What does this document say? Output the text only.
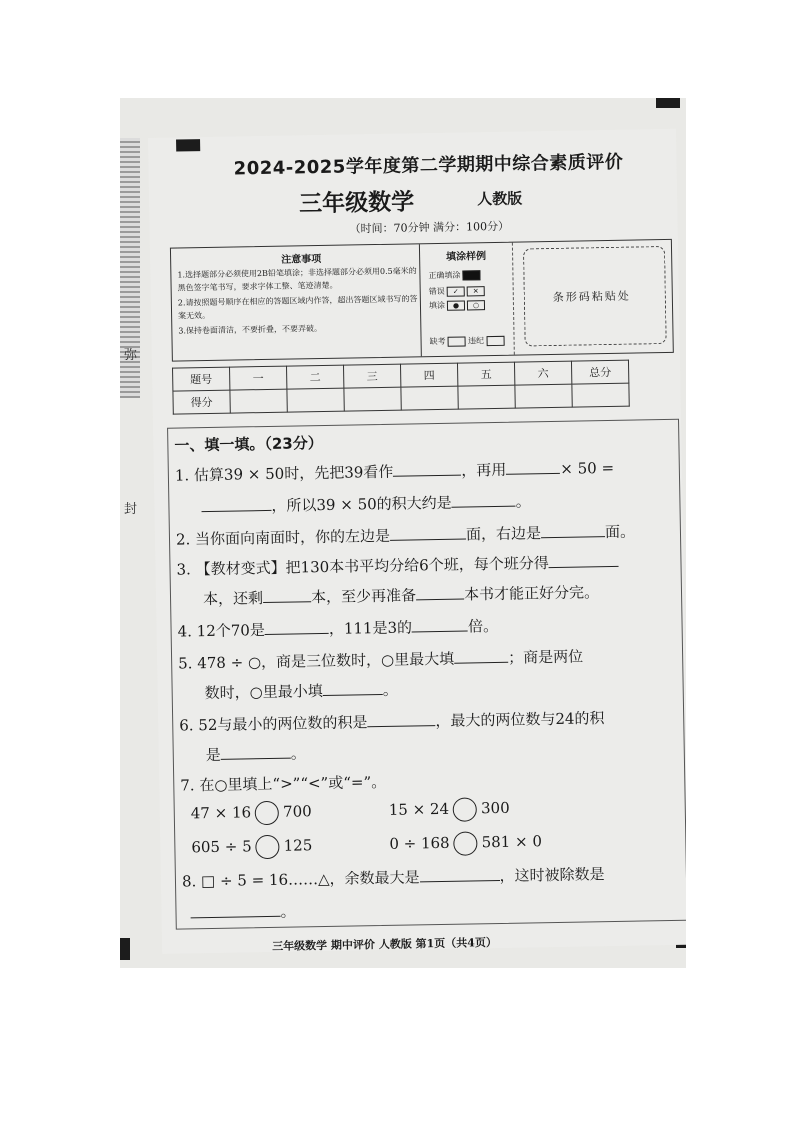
弥
封
2024-2025学年度第二学期期中综合素质评价
三年级数学	人教版
（时间：70分钟 满分：100分）
注意事项
1.选择题部分必须使用2B铅笔填涂；非选择题部分必须用0.5毫米的黑色签字笔书写，要求字体工整、笔迹清楚。
2.请按照题号顺序在相应的答题区域内作答，超出答题区域书写的答案无效。
3.保持卷面清洁，不要折叠，不要弄破。
填涂样例
正确填涂
错误 ✓ ✕
填涂 ● ○
缺考	违纪
条形码粘贴处
题号	一	二	三	四	五	六	总分
得分							
一、填一填。（23分）
1. 估算39 × 50时，先把39看作	，再用	× 50 =
，所以39 × 50的积大约是	。
2. 当你面向南面时，你的左边是	面，右边是	面。
3. 【教材变式】把130本书平均分给6个班，每个班分得
本，还剩	本，至少再准备	本书才能正好分完。
4. 12个70是	，111是3的	倍。
5. 478 ÷ ○，商是三位数时，○里最大填	；商是两位
数时，○里最小填	。
6. 52与最小的两位数的积是	，最大的两位数与24的积
是	。
7. 在○里填上“>”“<”或“=”。
47 × 16 700	15 × 24 300
605 ÷ 5 125	0 ÷ 168 581 × 0
8. □ ÷ 5 = 16……△，余数最大是	，这时被除数是
。
三年级数学 期中评价 人教版 第1页（共4页）
